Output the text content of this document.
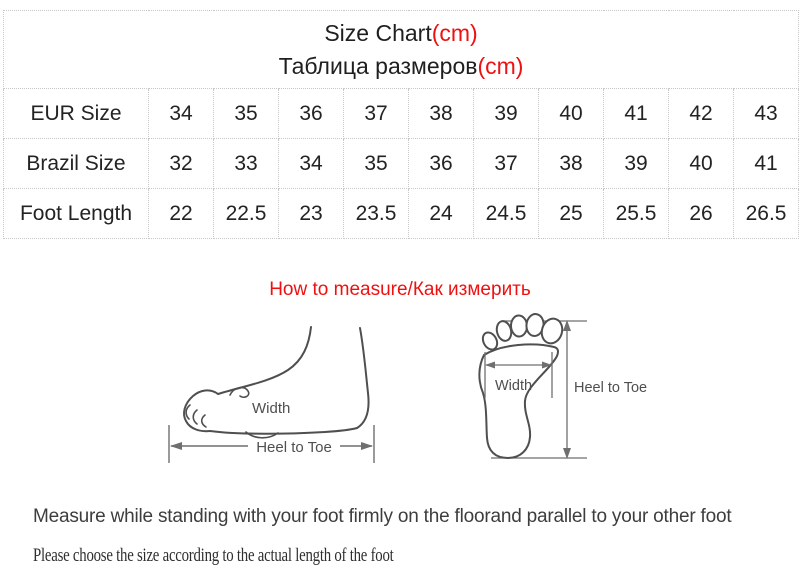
Size Chart(cm)
Таблица размеров(cm)										

EUR Size	34	35	36	37	38	39	40	41	42	43
Brazil Size	32	33	34	35	36	37	38	39	40	41
Foot Length	22	22.5	23	23.5	24	24.5	25	25.5	26	26.5
How to measure/Как измерить
Width
Heel to Toe
Width	Heel to Toe
Measure while standing with your foot firmly on the floorand parallel to your other foot
Please choose the size according to the actual length of the foot
